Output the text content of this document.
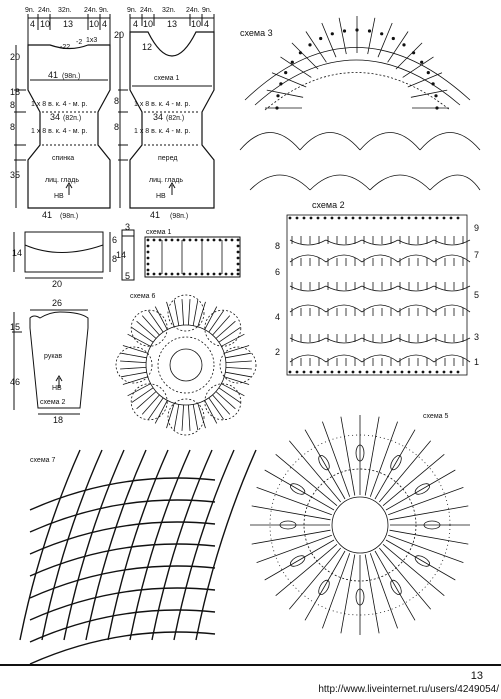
9n. 24n. 32n. 24n. 9n.
4 10 13 10 4
-22
-2 1x3
20
18
8
8
35
41 (98n.)
1 x 8 в. к. 4 - м. р.
34 (82п.)
1 x 8 в. к. 4 - м. р.
спинка
лиц. гладь
НВ
41 (98п.)
9n. 24n. 32n. 24n. 9n.
4 10 13 10 4
20
12
8
8
схема 1
1 x 8 в. к. 4 - м. р.
34 (82п.)
1 x 8 в. к. 4 - м. р.
перед
лиц. гладь
НВ
41 (98п.)
14
20
6
8
3
14
5
26
15
46
рукав
НВ
схема 2
18
схема 1
схема 6
схема 3
схема 2
8
6
4
2
9
7
5
3
1
схема 5
схема 7
13
http://www.liveinternet.ru/users/4249054/
